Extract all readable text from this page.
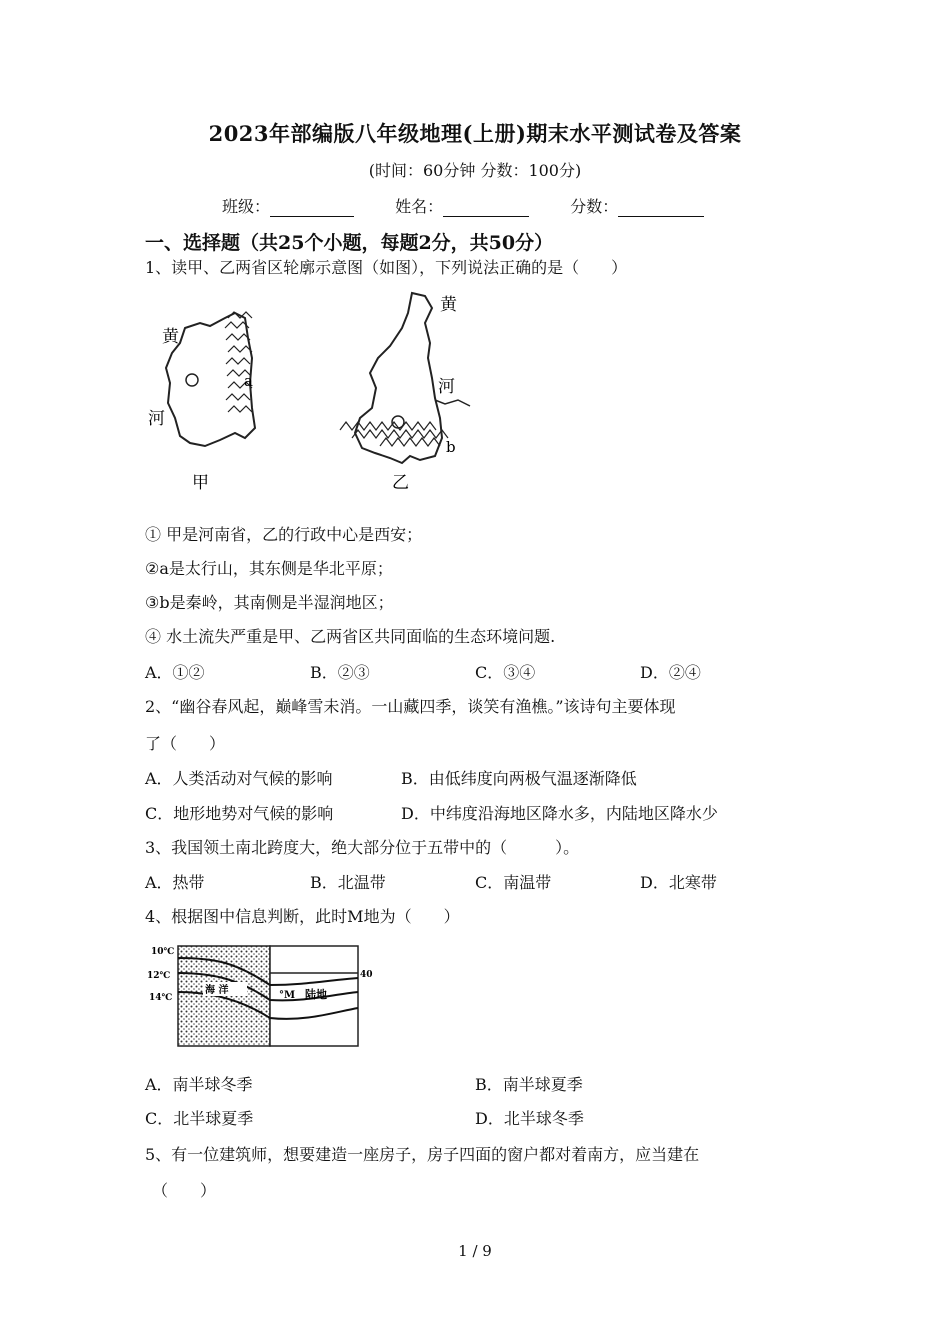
2023年部编版八年级地理(上册)期末水平测试卷及答案
(时间：60分钟 分数：100分)
班级：	姓名：	分数：
一、选择题（共25个小题，每题2分，共50分）
1、读甲、乙两省区轮廓示意图（如图），下列说法正确的是（　　）
黄
河
a
甲
黄
河
b
乙
① 甲是河南省，乙的行政中心是西安；
②a是太行山，其东侧是华北平原；
③b是秦岭，其南侧是半湿润地区；
④ 水土流失严重是甲、乙两省区共同面临的生态环境问题.
A．①②	B．②③	C．③④	D．②④
2、“幽谷春风起，巅峰雪未消。一山藏四季，谈笑有渔樵。”该诗句主要体现
了（　　）
A．人类活动对气候的影响	B．由低纬度向两极气温逐渐降低
C．地形地势对气候的影响	D．中纬度沿海地区降水多，内陆地区降水少
3、我国领土南北跨度大，绝大部分位于五带中的（　　　）。
A．热带	B．北温带	C．南温带	D．北寒带
4、根据图中信息判断，此时M地为（　　）
10℃
12℃
14℃
海 洋	°M 陆地
40
A．南半球冬季	B．南半球夏季
C．北半球夏季	D．北半球冬季
5、有一位建筑师，想要建造一座房子，房子四面的窗户都对着南方，应当建在
（　　）
1 / 9
